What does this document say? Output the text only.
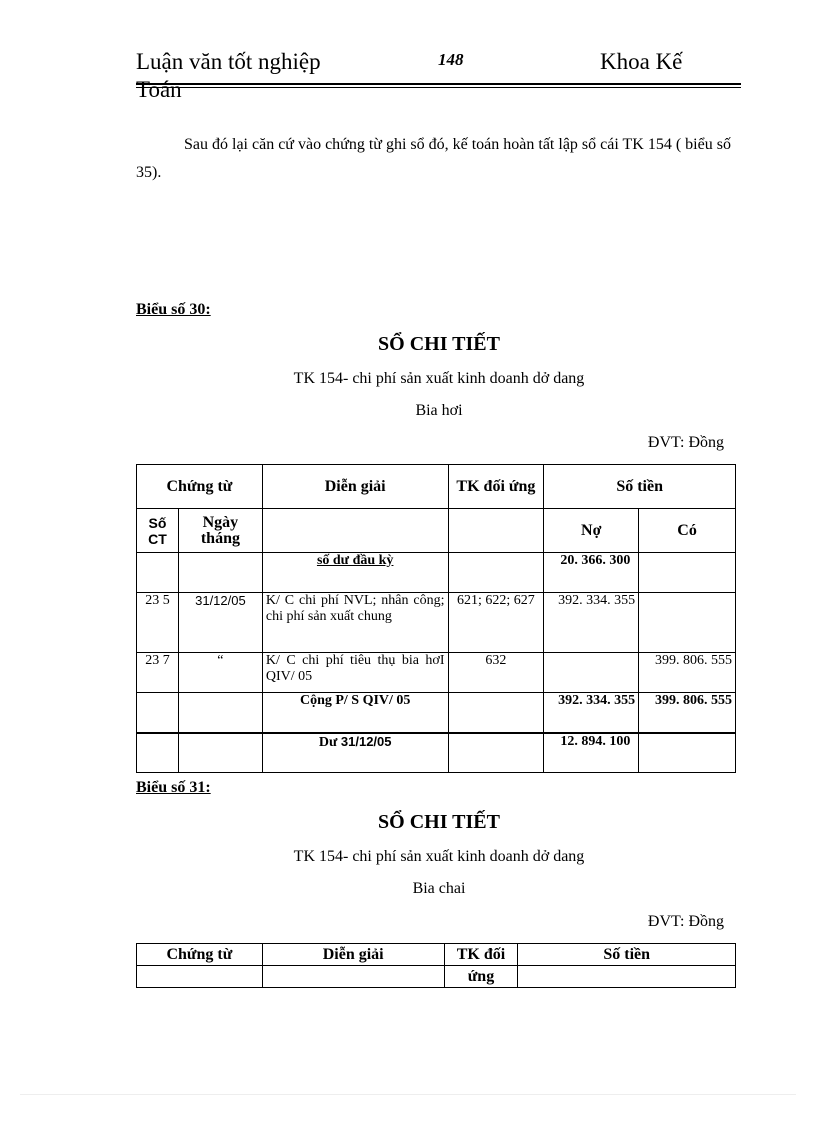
Luận văn tốt nghiệp Toán
148	Khoa Kế
Sau đó lại căn cứ vào chứng từ ghi sổ đó, kế toán hoàn tất lập sổ cái TK 154 ( biểu số 35).
Biểu số 30:
SỔ CHI TIẾT
TK 154- chi phí sản xuất kinh doanh dở dang
Bia hơi
ĐVT: Đồng
Chứng từ		Diễn giải	TK đối ứng	Số tiền	
Số CT	Ngày tháng			Nợ	Có
		số dư đầu kỳ		20. 366. 300	
23 5	31/12/05	K/ C chi phí NVL; nhân công; chi phí sản xuất chung	621; 622; 627	392. 334. 355	
23 7	“	K/ C chi phí tiêu thụ bia hơI QIV/ 05	632		399. 806. 555
		Cộng P/ S QIV/ 05		392. 334. 355	399. 806. 555
		Dư 31/12/05		12. 894. 100	
Biểu số 31:
SỔ CHI TIẾT
TK 154- chi phí sản xuất kinh doanh dở dang
Bia chai
ĐVT: Đồng
Chứng từ	Diễn giải	TK đối	Số tiền
		ứng	
